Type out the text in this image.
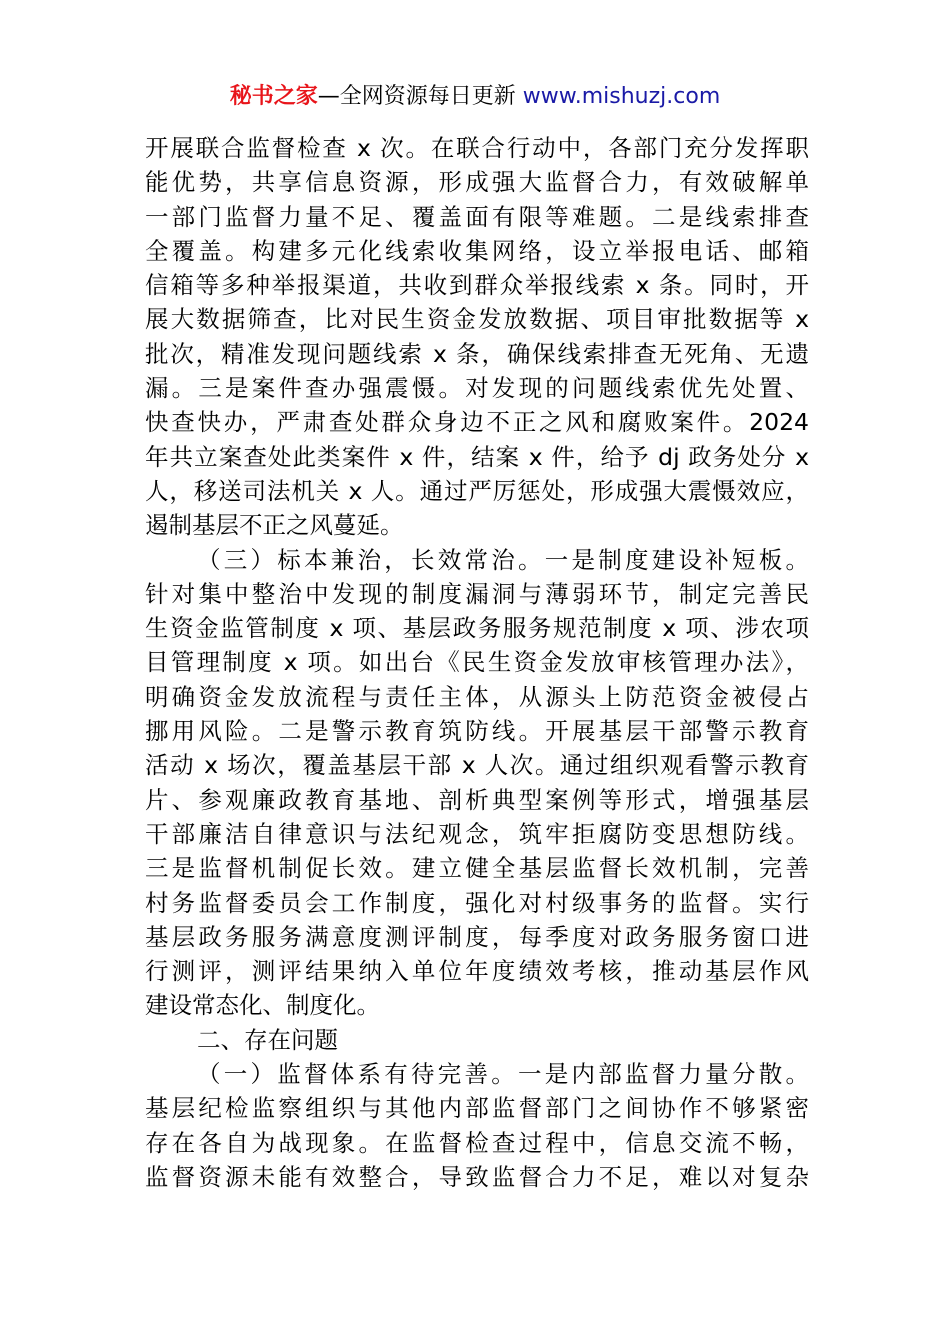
秘书之家—全网资源每日更新 www.mishuzj.com
开展联合监督检查 x 次。在联合行动中，各部门充分发挥职
能优势，共享信息资源，形成强大监督合力，有效破解单
一部门监督力量不足、覆盖面有限等难题。二是线索排查
全覆盖。构建多元化线索收集网络，设立举报电话、邮箱
信箱等多种举报渠道，共收到群众举报线索 x 条。同时，开
展大数据筛查，比对民生资金发放数据、项目审批数据等 x
批次，精准发现问题线索 x 条，确保线索排查无死角、无遗
漏。三是案件查办强震慑。对发现的问题线索优先处置、
快查快办，严肃查处群众身边不正之风和腐败案件。2024
年共立案查处此类案件 x 件，结案 x 件，给予 dj 政务处分 x
人，移送司法机关 x 人。通过严厉惩处，形成强大震慑效应，
遏制基层不正之风蔓延。
（三）标本兼治，长效常治。一是制度建设补短板。
针对集中整治中发现的制度漏洞与薄弱环节，制定完善民
生资金监管制度 x 项、基层政务服务规范制度 x 项、涉农项
目管理制度 x 项。如出台《民生资金发放审核管理办法》，
明确资金发放流程与责任主体，从源头上防范资金被侵占
挪用风险。二是警示教育筑防线。开展基层干部警示教育
活动 x 场次，覆盖基层干部 x 人次。通过组织观看警示教育
片、参观廉政教育基地、剖析典型案例等形式，增强基层
干部廉洁自律意识与法纪观念，筑牢拒腐防变思想防线。
三是监督机制促长效。建立健全基层监督长效机制，完善
村务监督委员会工作制度，强化对村级事务的监督。实行
基层政务服务满意度测评制度，每季度对政务服务窗口进
行测评，测评结果纳入单位年度绩效考核，推动基层作风
建设常态化、制度化。
二、存在问题
（一）监督体系有待完善。一是内部监督力量分散。
基层纪检监察组织与其他内部监督部门之间协作不够紧密
存在各自为战现象。在监督检查过程中，信息交流不畅，
监督资源未能有效整合，导致监督合力不足，难以对复杂
